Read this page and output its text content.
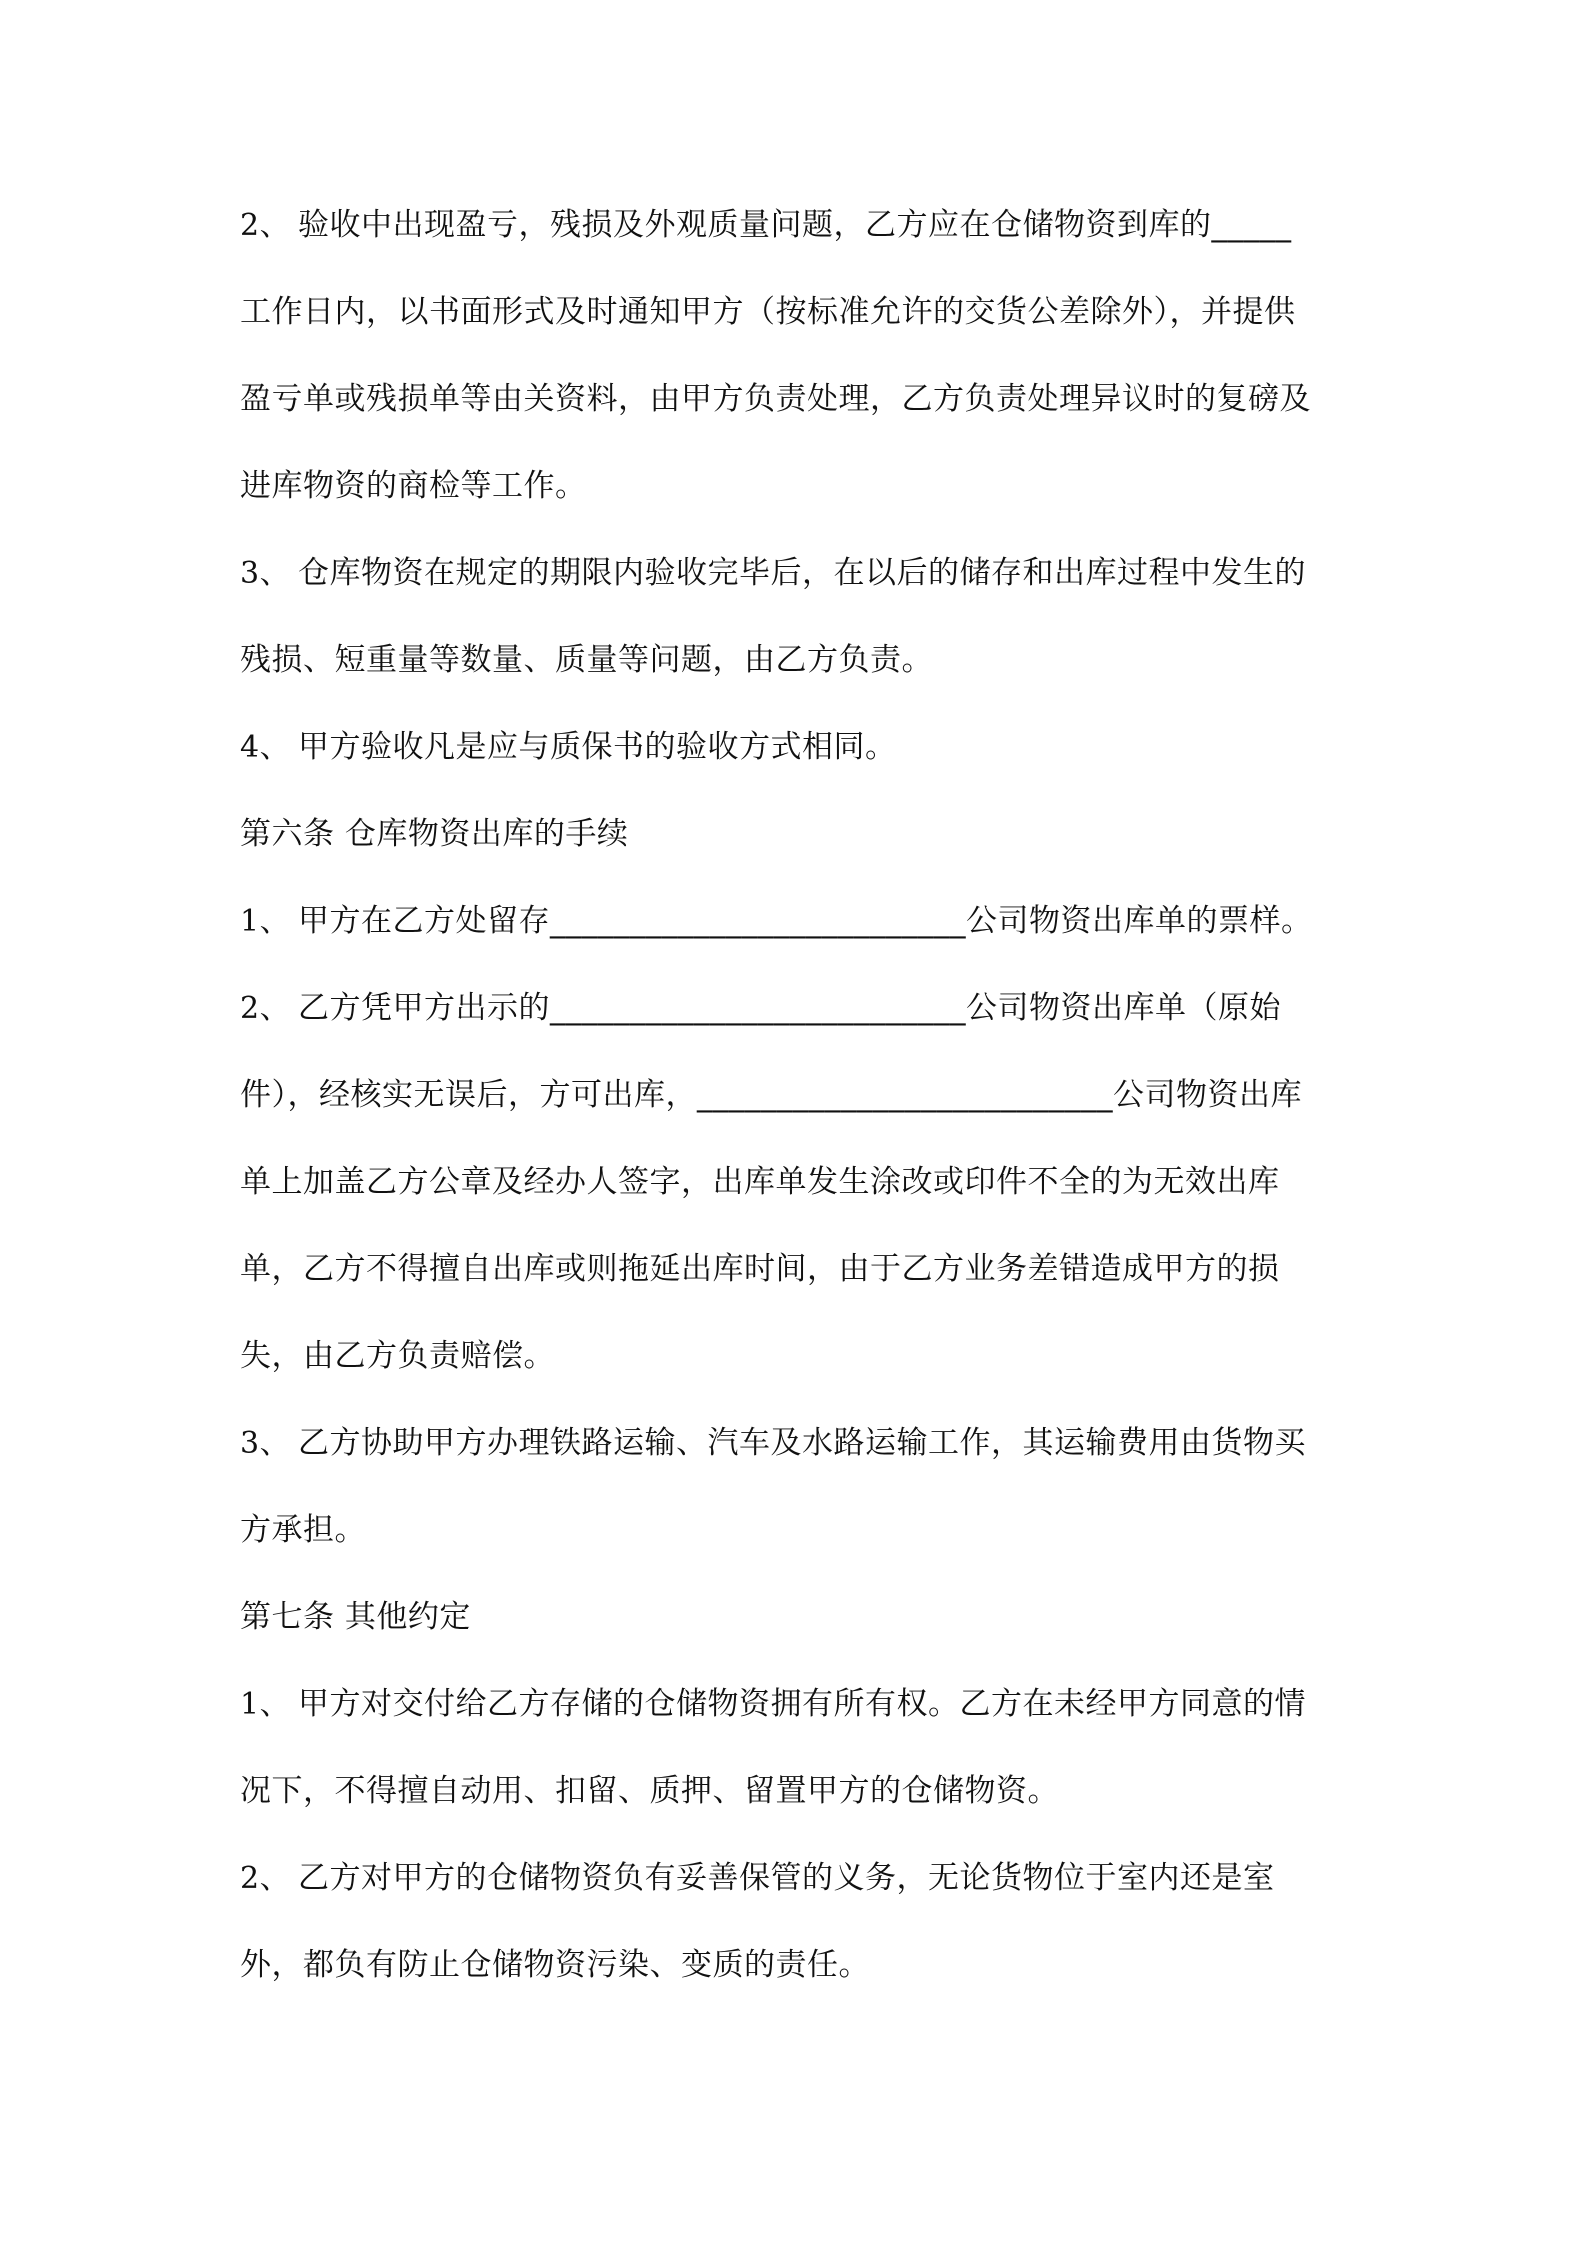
2、 验收中出现盈亏，残损及外观质量问题，乙方应在仓储物资到库的_____
工作日内，以书面形式及时通知甲方（按标准允许的交货公差除外），并提供
盈亏单或残损单等由关资料，由甲方负责处理，乙方负责处理异议时的复磅及
进库物资的商检等工作。
3、 仓库物资在规定的期限内验收完毕后，在以后的储存和出库过程中发生的
残损、短重量等数量、质量等问题，由乙方负责。
4、 甲方验收凡是应与质保书的验收方式相同。
第六条 仓库物资出库的手续
1、 甲方在乙方处留存__________________________公司物资出库单的票样。
2、 乙方凭甲方出示的__________________________公司物资出库单（原始
件），经核实无误后，方可出库，__________________________公司物资出库
单上加盖乙方公章及经办人签字，出库单发生涂改或印件不全的为无效出库
单，乙方不得擅自出库或则拖延出库时间，由于乙方业务差错造成甲方的损
失，由乙方负责赔偿。
3、 乙方协助甲方办理铁路运输、汽车及水路运输工作，其运输费用由货物买
方承担。
第七条 其他约定
1、 甲方对交付给乙方存储的仓储物资拥有所有权。乙方在未经甲方同意的情
况下，不得擅自动用、扣留、质押、留置甲方的仓储物资。
2、 乙方对甲方的仓储物资负有妥善保管的义务，无论货物位于室内还是室
外，都负有防止仓储物资污染、变质的责任。
